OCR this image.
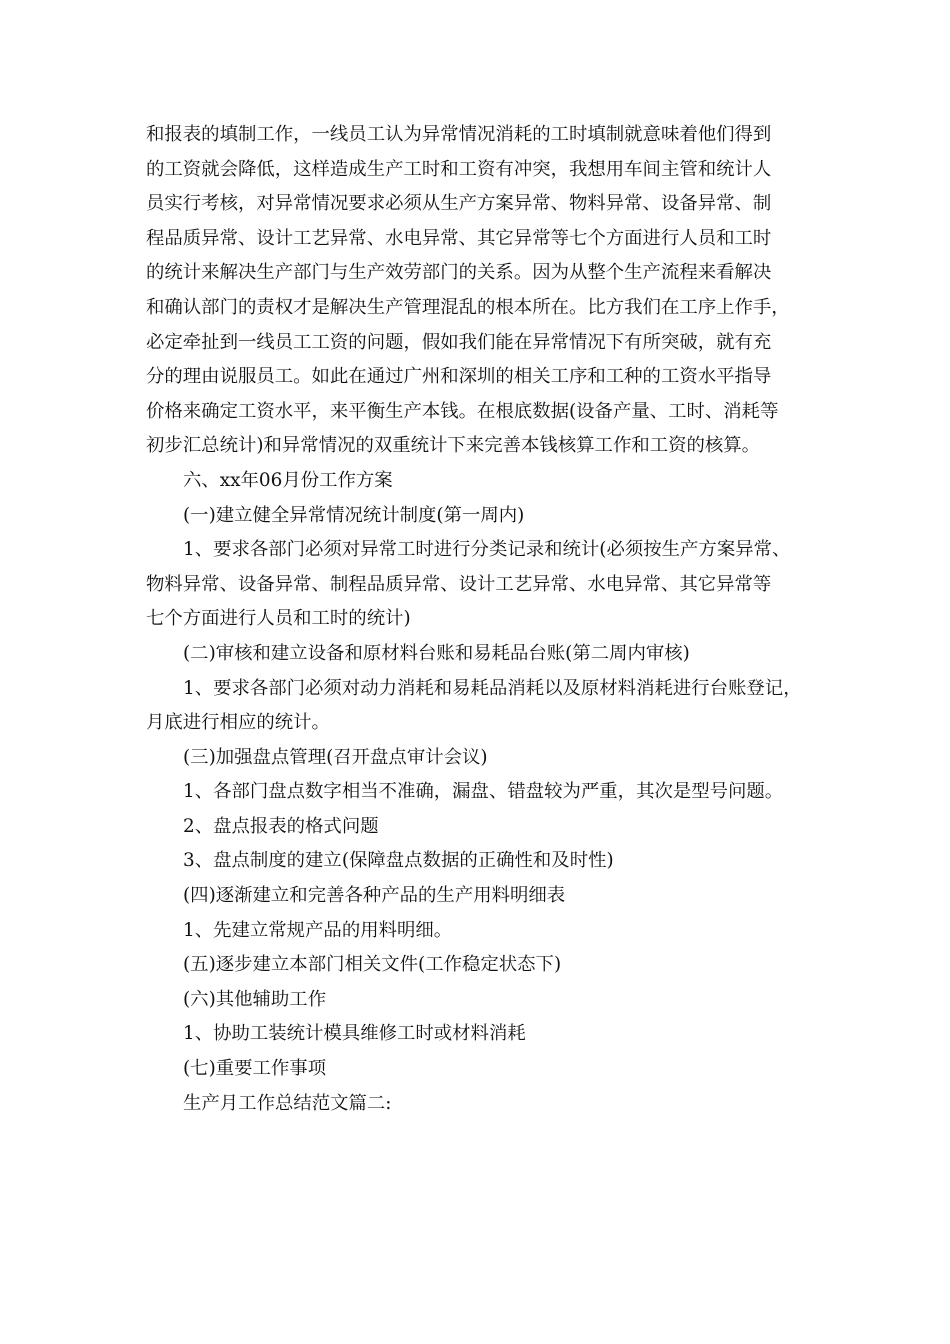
和报表的填制工作，一线员工认为异常情况消耗的工时填制就意味着他们得到
的工资就会降低，这样造成生产工时和工资有冲突，我想用车间主管和统计人
员实行考核，对异常情况要求必须从生产方案异常、物料异常、设备异常、制
程品质异常、设计工艺异常、水电异常、其它异常等七个方面进行人员和工时
的统计来解决生产部门与生产效劳部门的关系。因为从整个生产流程来看解决
和确认部门的责权才是解决生产管理混乱的根本所在。比方我们在工序上作手，
必定牵扯到一线员工工资的问题，假如我们能在异常情况下有所突破，就有充
分的理由说服员工。如此在通过广州和深圳的相关工序和工种的工资水平指导
价格来确定工资水平，来平衡生产本钱。在根底数据(设备产量、工时、消耗等
初步汇总统计)和异常情况的双重统计下来完善本钱核算工作和工资的核算。
六、xx年06月份工作方案
(一)建立健全异常情况统计制度(第一周内)
1、要求各部门必须对异常工时进行分类记录和统计(必须按生产方案异常、
物料异常、设备异常、制程品质异常、设计工艺异常、水电异常、其它异常等
七个方面进行人员和工时的统计)
(二)审核和建立设备和原材料台账和易耗品台账(第二周内审核)
1、要求各部门必须对动力消耗和易耗品消耗以及原材料消耗进行台账登记，
月底进行相应的统计。
(三)加强盘点管理(召开盘点审计会议)
1、各部门盘点数字相当不准确，漏盘、错盘较为严重，其次是型号问题。
2、盘点报表的格式问题
3、盘点制度的建立(保障盘点数据的正确性和及时性)
(四)逐渐建立和完善各种产品的生产用料明细表
1、先建立常规产品的用料明细。
(五)逐步建立本部门相关文件(工作稳定状态下)
(六)其他辅助工作
1、协助工装统计模具维修工时或材料消耗
(七)重要工作事项
生产月工作总结范文篇二:
